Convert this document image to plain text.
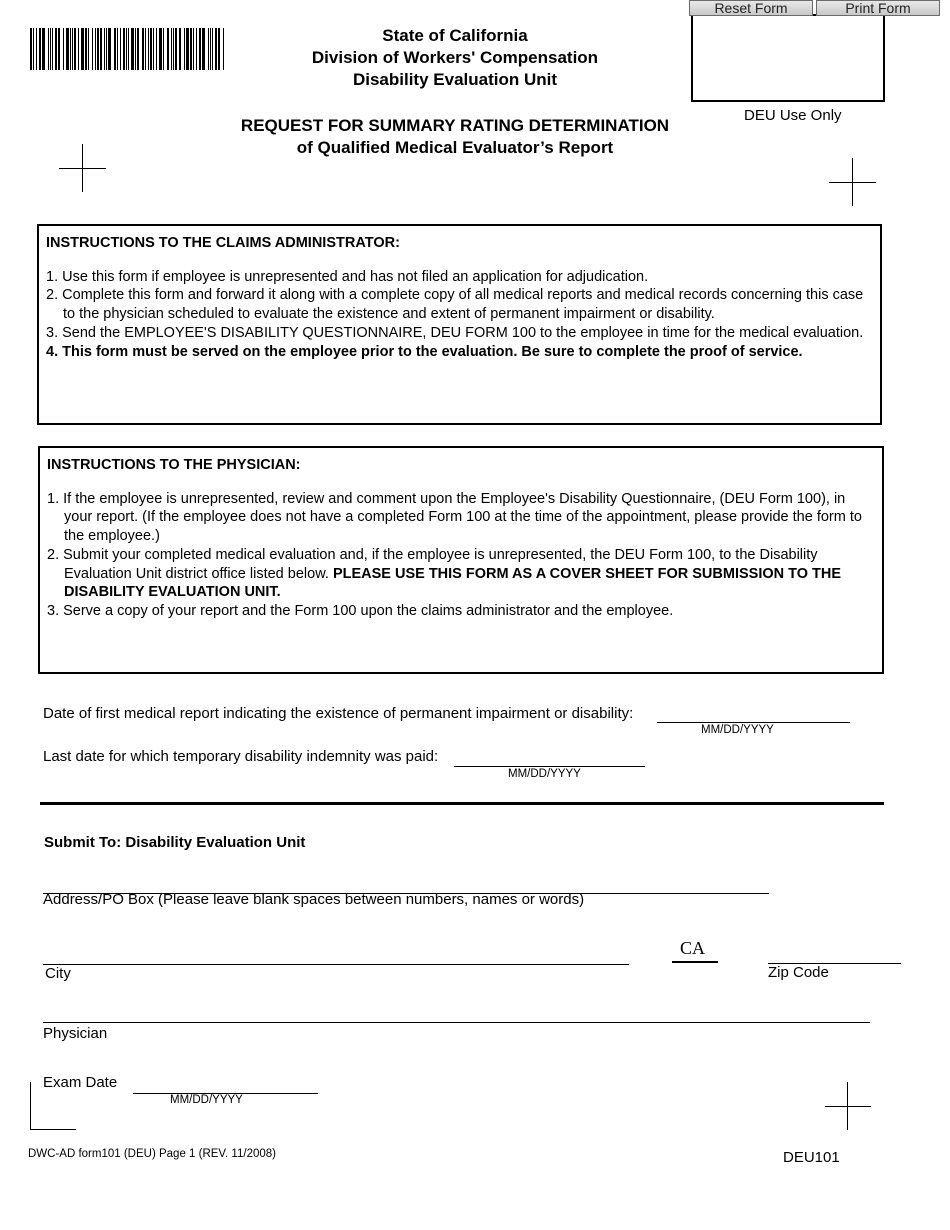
State of California
Division of Workers' Compensation
Disability Evaluation Unit
Reset Form	Print Form
DEU Use Only
REQUEST FOR SUMMARY RATING DETERMINATION
of Qualified Medical Evaluator’s Report
INSTRUCTIONS TO THE CLAIMS ADMINISTRATOR:
1. Use this form if employee is unrepresented and has not filed an application for adjudication.
2. Complete this form and forward it along with a complete copy of all medical reports and medical records concerning this case to the physician scheduled to evaluate the existence and extent of permanent impairment or disability.
3. Send the EMPLOYEE'S DISABILITY QUESTIONNAIRE, DEU FORM 100 to the employee in time for the medical evaluation.
4. This form must be served on the employee prior to the evaluation. Be sure to complete the proof of service.
INSTRUCTIONS TO THE PHYSICIAN:
1. If the employee is unrepresented, review and comment upon the Employee's Disability Questionnaire, (DEU Form 100), in your report. (If the employee does not have a completed Form 100 at the time of the appointment, please provide the form to the employee.)
2. Submit your completed medical evaluation and, if the employee is unrepresented, the DEU Form 100, to the Disability Evaluation Unit district office listed below. PLEASE USE THIS FORM AS A COVER SHEET FOR SUBMISSION TO THE DISABILITY EVALUATION UNIT.
3. Serve a copy of your report and the Form 100 upon the claims administrator and the employee.
Date of first medical report indicating the existence of permanent impairment or disability:
MM/DD/YYYY
Last date for which temporary disability indemnity was paid:
MM/DD/YYYY
Submit To: Disability Evaluation Unit
Address/PO Box (Please leave blank spaces between numbers, names or words)
City
CA
Zip Code
Physician
Exam Date
MM/DD/YYYY
DWC-AD form101 (DEU) Page 1 (REV. 11/2008)	DEU101
